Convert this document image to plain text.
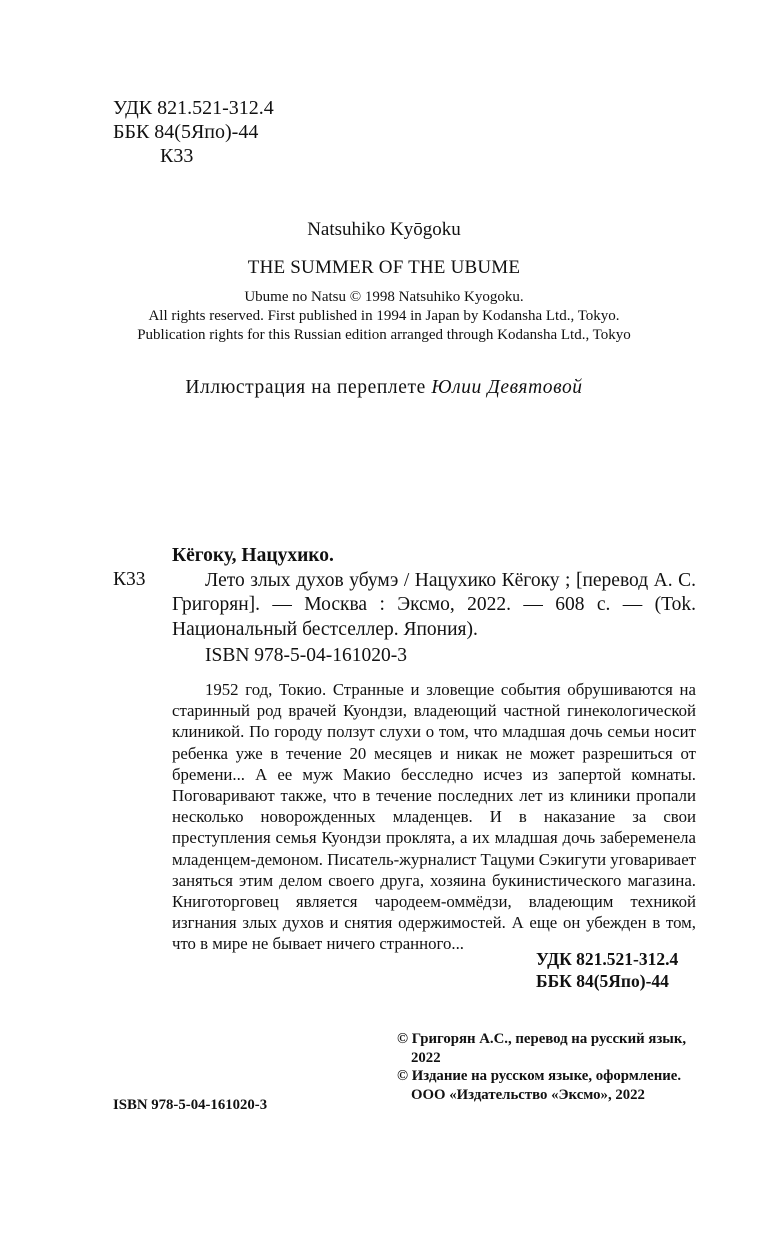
УДК 821.521-312.4
ББК 84(5Япо)-44
К33
Natsuhiko Kyōgoku
THE SUMMER OF THE UBUME
Ubume no Natsu © 1998 Natsuhiko Kyogoku.
All rights reserved. First published in 1994 in Japan by Kodansha Ltd., Tokyo.
Publication rights for this Russian edition arranged through Kodansha Ltd., Tokyo
Иллюстрация на переплете Юлии Девятовой
К33
Кёгоку, Нацухико.
Лето злых духов убумэ / Нацухико Кёгоку ; [перевод А. С. Григорян]. — Москва : Эксмо, 2022. — 608 с. — (Tok. Национальный бестселлер. Япония).
ISBN 978-5-04-161020-3
1952 год, Токио. Странные и зловещие события обрушиваются на старинный род врачей Куондзи, владеющий частной гинекологической клиникой. По городу ползут слухи о том, что младшая дочь семьи носит ребенка уже в течение 20 месяцев и никак не может разрешиться от бремени... А ее муж Макио бесследно исчез из запертой комнаты. Поговаривают также, что в течение последних лет из клиники пропали несколько новорожденных младенцев. И в наказание за свои преступления семья Куондзи проклята, а их младшая дочь забеременела младенцем-демоном. Писатель-журналист Тацуми Сэкигути уговаривает заняться этим делом своего друга, хозяина букинистического магазина. Книготорговец является чародеем-оммёдзи, владеющим техникой изгнания злых духов и снятия одержимостей. А еще он убежден в том, что в мире не бывает ничего странного...
УДК 821.521-312.4
ББК 84(5Япо)-44
© Григорян А.С., перевод на русский язык, 2022
© Издание на русском языке, оформление. ООО «Издательство «Эксмо», 2022
ISBN 978-5-04-161020-3
